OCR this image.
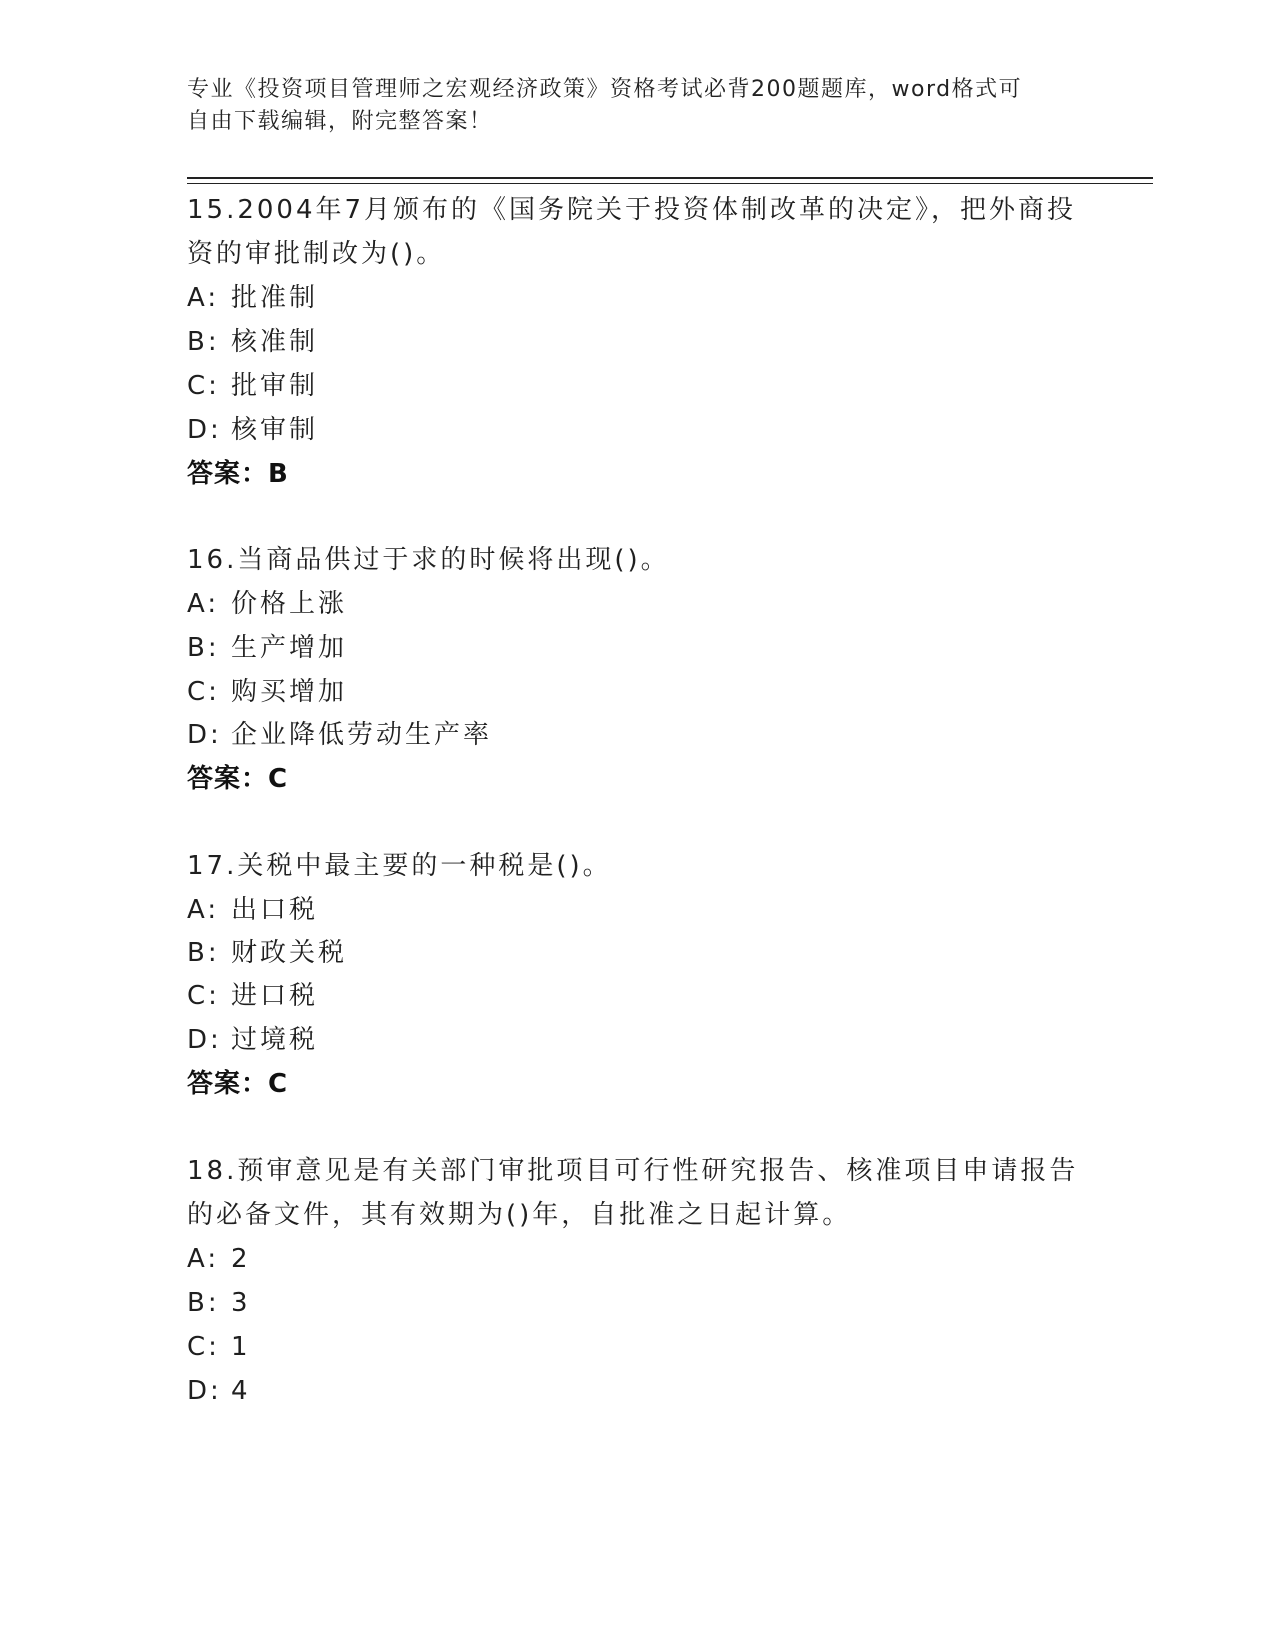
专业《投资项目管理师之宏观经济政策》资格考试必背200题题库，word格式可
自由下载编辑，附完整答案！
15.2004年7月颁布的《国务院关于投资体制改革的决定》，把外商投
资的审批制改为()。
A: 批准制
B: 核准制
C: 批审制
D: 核审制
答案：B
16.当商品供过于求的时候将出现()。
A: 价格上涨
B: 生产增加
C: 购买增加
D: 企业降低劳动生产率
答案：C
17.关税中最主要的一种税是()。
A: 出口税
B: 财政关税
C: 进口税
D: 过境税
答案：C
18.预审意见是有关部门审批项目可行性研究报告、核准项目申请报告
的必备文件，其有效期为()年，自批准之日起计算。
A: 2
B: 3
C: 1
D: 4
